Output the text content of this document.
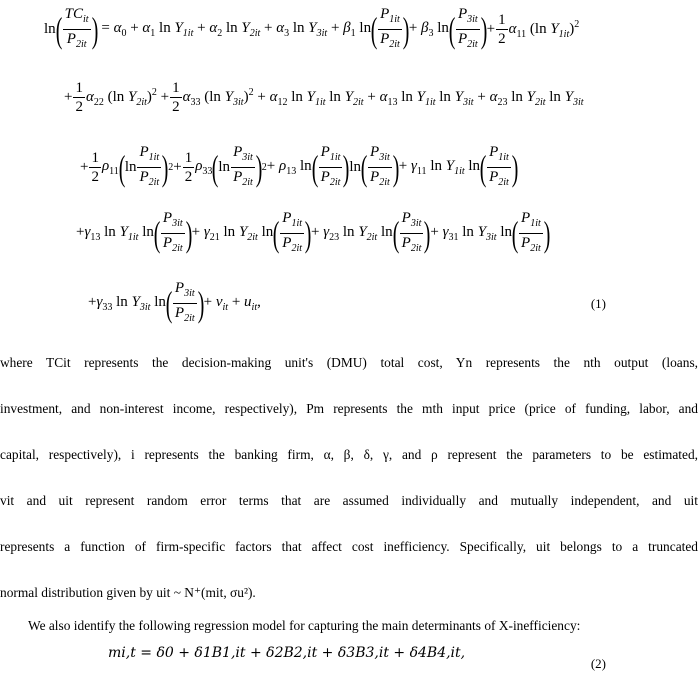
ln ( $\frac{TC_{it}}{P_{2it}}$ ) = $\alpha_0 + \alpha_1$ $\ln Y_{1it} + \alpha_2$ $\ln Y_{2it} + \alpha_3$ $\ln Y_{3it} + \beta_1$ ln ( $\frac{P_{1it}}{P_{2it}}$ ) + $\beta_3$ ln ( $\frac{P_{3it}}{P_{2it}}$ ) + $\frac{1}{2} \alpha_{11}$ (ln $Y_{1it})^2$
+ $\frac{1}{2} \alpha_{22}$ (ln $Y_{2it})^2 + \frac{1}{2} \alpha_{33}$ (ln $Y_{3it})^2 + \alpha_{12}$ $\ln Y_{1it}$ $\ln Y_{2it} + \alpha_{13}$ $\ln Y_{1it}$ $\ln Y_{3it} + \alpha_{23}$ $\ln Y_{2it}$ $\ln Y_{3it}$
+ $\frac{1}{2} \rho_{11}$ ( $\ln \frac{P_{1it}}{P_{2it}}$ ) $2 + \frac{1}{2} \rho_{33}$ ( $\ln \frac{P_{3it}}{P_{2it}}$ ) $2 + \rho_{13}$ ln ( $\frac{P_{1it}}{P_{2it}}$ ) ln ( $\frac{P_{3it}}{P_{2it}}$ ) + $\gamma_{11}$ $\ln Y_{1it}$ ln ( $\frac{P_{1it}}{P_{2it}}$ )
$+\gamma_{13}$ $\ln Y_{1it}$ ln ( $\frac{P_{3it}}{P_{2it}}$ ) + $\gamma_{21}$ $\ln Y_{2it}$ ln ( $\frac{P_{1it}}{P_{2it}}$ ) + $\gamma_{23}$ $\ln Y_{2it}$ ln ( $\frac{P_{3it}}{P_{2it}}$ ) + $\gamma_{31}$ $\ln Y_{3it}$ ln ( $\frac{P_{1it}}{P_{2it}}$ )
$+\gamma_{33}$ $\ln Y_{3it}$ ln ( $\frac{P_{3it}}{P_{2it}}$ ) + $v_{it} + u_{it}$,	(1)
where TCit represents the decision-making unit's (DMU) total cost, Yn represents the nth output (loans,
investment, and non-interest income, respectively), Pm represents the mth input price (price of funding, labor, and
capital, respectively), i represents the banking firm, α, β, δ, γ, and ρ represent the parameters to be estimated,
vit and uit represent random error terms that are assumed individually and mutually independent, and uit
represents a function of firm-specific factors that affect cost inefficiency. Specifically, uit belongs to a truncated
normal distribution given by uit ~ N⁺(mit, σu²).
We also identify the following regression model for capturing the main determinants of X-inefficiency:
mi,t = δ0 + δ1B1,it + δ2B2,it + δ3B3,it + δ4B4,it,
(2)
